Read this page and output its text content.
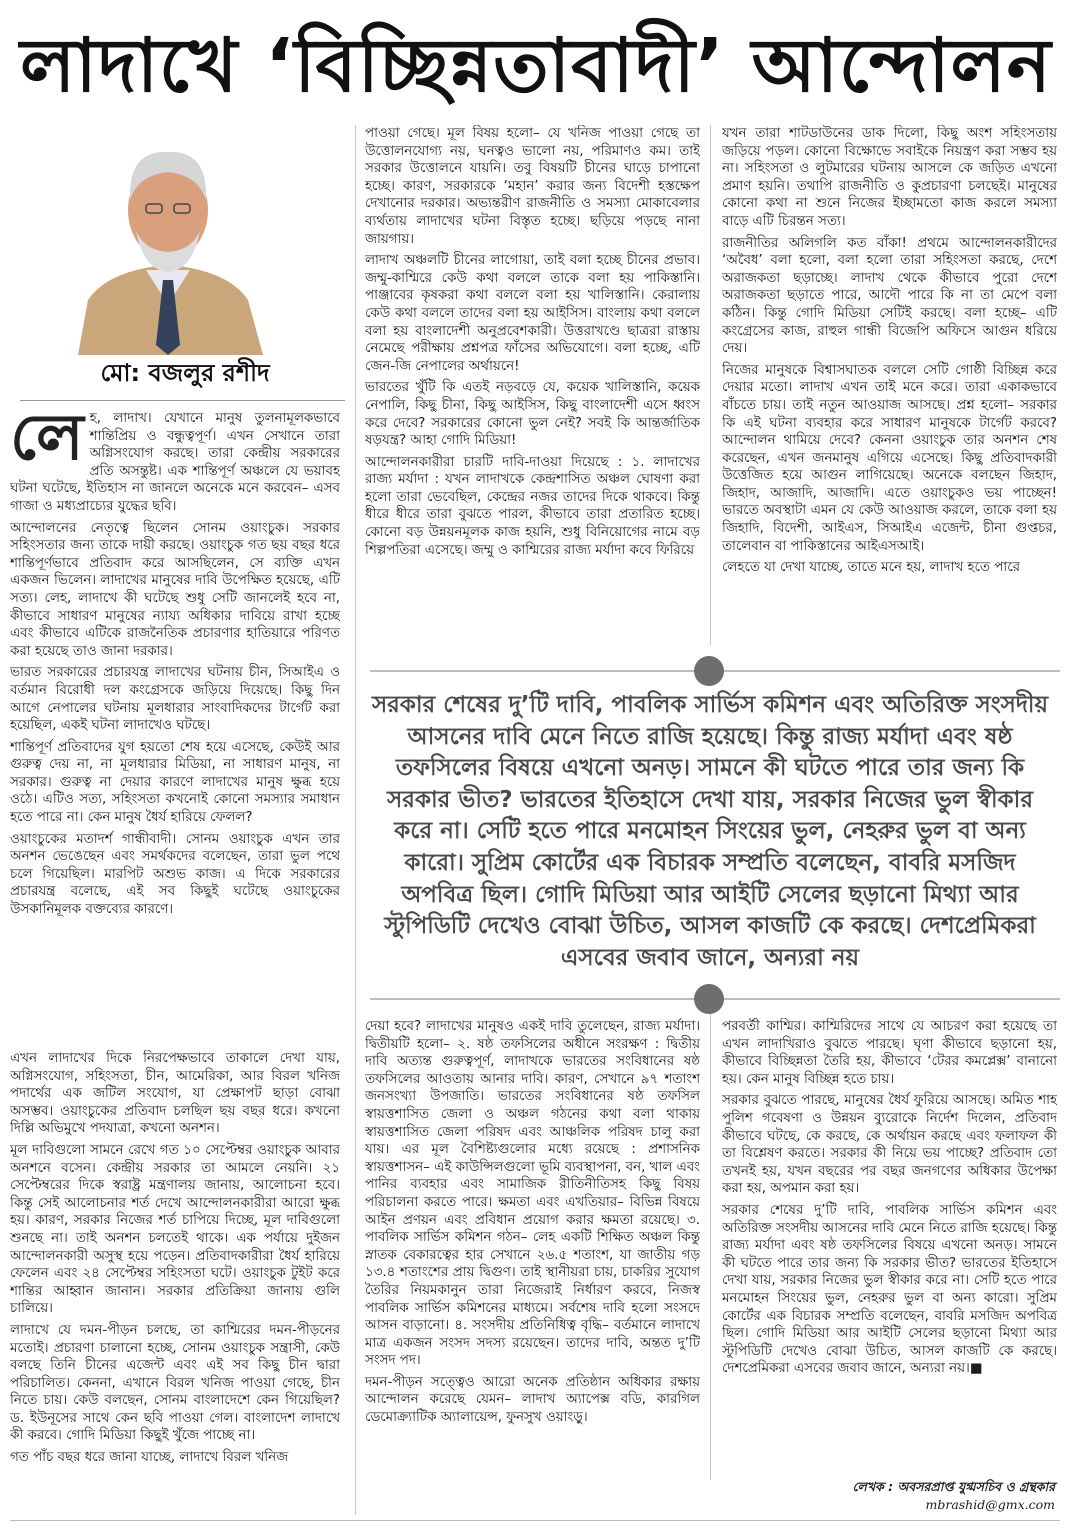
লাদাখে ‘বিচ্ছিন্নতাবাদী’ আন্দোলন
মো: বজলুর রশীদ

লেহ, লাদাখ। যেখানে মানুষ তুলনামূলকভাবে শান্তিপ্রিয় ও বন্ধুত্বপূর্ণ। এখন সেখানে তারা অগ্নিসংযোগ করছে। তারা কেন্দ্রীয় সরকারের প্রতি অসন্তুষ্ট। এক শান্তিপূর্ণ অঞ্চলে যে ভয়াবহ ঘটনা ঘটেছে, ইতিহাস না জানলে অনেকে মনে করবেন– এসব গাজা ও মধ্যপ্রাচ্যের যুদ্ধের ছবি।

আন্দোলনের নেতৃত্বে ছিলেন সোনম ওয়াংচুক। সরকার সহিংসতার জন্য তাকে দায়ী করছে। ওয়াংচুক গত ছয় বছর ধরে শান্তিপূর্ণভাবে প্রতিবাদ করে আসছিলেন, সে ব্যক্তি এখন একজন ভিলেন। লাদাখের মানুষের দাবি উপেক্ষিত হয়েছে, এটি সত্য। লেহ, লাদাখে কী ঘটেছে শুধু সেটি জানলেই হবে না, কীভাবে সাধারণ মানুষের ন্যায্য অধিকার দাবিয়ে রাখা হচ্ছে এবং কীভাবে এটিকে রাজনৈতিক প্রচারণার হাতিয়ারে পরিণত করা হয়েছে তাও জানা দরকার।

ভারত সরকারের প্রচারযন্ত্র লাদাখের ঘটনায় চীন, সিআইএ ও বর্তমান বিরোধী দল কংগ্রেসকে জড়িয়ে দিয়েছে। কিছু দিন আগে নেপালের ঘটনায় মূলধারার সাংবাদিকদের টার্গেট করা হয়েছিল, একই ঘটনা লাদাখেও ঘটছে।

শান্তিপূর্ণ প্রতিবাদের যুগ হয়তো শেষ হয়ে এসেছে, কেউই আর গুরুত্ব দেয় না, না মূলধারার মিডিয়া, না সাধারণ মানুষ, না সরকার। গুরুত্ব না দেয়ার কারণে লাদাখের মানুষ ক্ষুব্ধ হয়ে ওঠে। এটিও সত্য, সহিংসতা কখনোই কোনো সমস্যার সমাধান হতে পারে না। কেন মানুষ ধৈর্য হারিয়ে ফেলল?

ওয়াংচুকের মতাদর্শ গান্ধীবাদী। সোনম ওয়াংচুক এখন তার অনশন ভেঙেছেন এবং সমর্থকদের বলেছেন, তারা ভুল পথে চলে গিয়েছিল। মারপিট অশুভ কাজ। এ দিকে সরকারের প্রচারযন্ত্র বলেছে, এই সব কিছুই ঘটেছে ওয়াংচুকের উসকানিমূলক বক্তব্যের কারণে।

পাওয়া গেছে। মূল বিষয় হলো– যে খনিজ পাওয়া গেছে তা উত্তোলনযোগ্য নয়, ঘনত্বও ভালো নয়, পরিমাণও কম। তাই সরকার উত্তোলনে যায়নি। তবু বিষয়টি চীনের ঘাড়ে চাপানো হচ্ছে। কারণ, সরকারকে ‘মহান’ করার জন্য বিদেশী হস্তক্ষেপ দেখানোর দরকার। অভ্যন্তরীণ রাজনীতি ও সমস্যা মোকাবেলার ব্যর্থতায় লাদাখের ঘটনা বিস্তৃত হচ্ছে। ছড়িয়ে পড়ছে নানা জায়গায়।

লাদাখ অঞ্চলটি চীনের লাগোয়া, তাই বলা হচ্ছে চীনের প্রভাব। জম্মু-কাশ্মিরে কেউ কথা বললে তাকে বলা হয় পাকিস্তানি। পাঞ্জাবের কৃষকরা কথা বললে বলা হয় খালিস্তানি। কেরালায় কেউ কথা বললে তাদের বলা হয় আইসিস। বাংলায় কথা বললে বলা হয় বাংলাদেশী অনুপ্রবেশকারী। উত্তরাখণ্ডে ছাত্ররা রাস্তায় নেমেছে পরীক্ষায় প্রশ্নপত্র ফাঁসের অভিযোগে। বলা হচ্ছে, এটি জেন-জি নেপালের অর্থায়নে!

ভারতের খুঁটি কি এতই নড়বড়ে যে, কয়েক খালিস্তানি, কয়েক নেপালি, কিছু চীনা, কিছু আইসিস, কিছু বাংলাদেশী এসে ধ্বংস করে দেবে? সরকারের কোনো ভুল নেই? সবই কি আন্তর্জাতিক ষড়যন্ত্র? আহা গোদি মিডিয়া!

আন্দোলনকারীরা চারটি দাবি-দাওয়া দিয়েছে : ১. লাদাখের রাজ্য মর্যাদা : যখন লাদাখকে কেন্দ্রশাসিত অঞ্চল ঘোষণা করা হলো তারা ভেবেছিল, কেন্দ্রের নজর তাদের দিকে থাকবে। কিন্তু ধীরে ধীরে তারা বুঝতে পারল, কীভাবে তারা প্রতারিত হচ্ছে। কোনো বড় উন্নয়নমূলক কাজ হয়নি, শুধু বিনিয়োগের নামে বড় শিল্পপতিরা এসেছে। জম্মু ও কাশ্মিরের রাজ্য মর্যাদা কবে ফিরিয়ে

যখন তারা শাটডাউনের ডাক দিলো, কিছু অংশ সহিংসতায় জড়িয়ে পড়ল। কোনো বিক্ষোভে সবাইকে নিয়ন্ত্রণ করা সম্ভব হয় না। সহিংসতা ও লুটমারের ঘটনায় আসলে কে জড়িত এখনো প্রমাণ হয়নি। তথাপি রাজনীতি ও কুপ্রচারণা চলছেই। মানুষের কোনো কথা না শুনে নিজের ইচ্ছামতো কাজ করলে সমস্যা বাড়ে এটি চিরন্তন সত্য।

রাজনীতির অলিগলি কত বাঁকা! প্রথমে আন্দোলনকারীদের ‘অবৈধ’ বলা হলো, বলা হলো তারা সহিংসতা করছে, দেশে অরাজকতা ছড়াচ্ছে। লাদাখ থেকে কীভাবে পুরো দেশে অরাজকতা ছড়াতে পারে, আদৌ পারে কি না তা মেপে বলা কঠিন। কিন্তু গোদি মিডিয়া সেটিই করছে। বলা হচ্ছে– এটি কংগ্রেসের কাজ, রাহুল গান্ধী বিজেপি অফিসে আগুন ধরিয়ে দেয়।

নিজের মানুষকে বিশ্বাসঘাতক বললে সেটি গোষ্ঠী বিচ্ছিন্ন করে দেয়ার মতো। লাদাখ এখন তাই মনে করে। তারা একাকভাবে বাঁচতে চায়। তাই নতুন আওয়াজ আসছে। প্রশ্ন হলো– সরকার কি এই ঘটনা ব্যবহার করে সাধারণ মানুষকে টার্গেট করবে? আন্দোলন থামিয়ে দেবে? কেননা ওয়াংচুক তার অনশন শেষ করেছেন, এখন জনমানুষ এগিয়ে এসেছে। কিছু প্রতিবাদকারী উত্তেজিত হয়ে আগুন লাগিয়েছে। অনেকে বলছেন জিহাদ, জিহাদ, আজাদি, আজাদি। এতে ওয়াংচুকও ভয় পাচ্ছেন! ভারতে অবস্থাটা এমন যে কেউ আওয়াজ করলে, তাকে বলা হয় জিহাদি, বিদেশী, আইএস, সিআইএ এজেন্ট, চীনা গুপ্তচর, তালেবান বা পাকিস্তানের আইএসআই।

লেহতে যা দেখা যাচ্ছে, তাতে মনে হয়, লাদাখ হতে পারে

সরকার শেষের দু’টি দাবি, পাবলিক সার্ভিস কমিশন এবং অতিরিক্ত সংসদীয় আসনের দাবি মেনে নিতে রাজি হয়েছে। কিন্তু রাজ্য মর্যাদা এবং ষষ্ঠ তফসিলের বিষয়ে এখনো অনড়। সামনে কী ঘটতে পারে তার জন্য কি সরকার ভীত? ভারতের ইতিহাসে দেখা যায়, সরকার নিজের ভুল স্বীকার করে না। সেটি হতে পারে মনমোহন সিংয়ের ভুল, নেহরুর ভুল বা অন্য কারো। সুপ্রিম কোর্টের এক বিচারক সম্প্রতি বলেছেন, বাবরি মসজিদ অপবিত্র ছিল। গোদি মিডিয়া আর আইটি সেলের ছড়ানো মিথ্যা আর স্টুপিডিটি দেখেও বোঝা উচিত, আসল কাজটি কে করছে। দেশপ্রেমিকরা এসবের জবাব জানে, অন্যরা নয়

এখন লাদাখের দিকে নিরপেক্ষভাবে তাকালে দেখা যায়, অগ্নিসংযোগ, সহিংসতা, চীন, আমেরিকা, আর বিরল খনিজ পদার্থের এক জটিল সংযোগ, যা প্রেক্ষাপট ছাড়া বোঝা অসম্ভব। ওয়াংচুকের প্রতিবাদ চলছিল ছয় বছর ধরে। কখনো দিল্লি অভিমুখে পদযাত্রা, কখনো অনশন।

মূল দাবিগুলো সামনে রেখে গত ১০ সেপ্টেম্বর ওয়াংচুক আবার অনশনে বসেন। কেন্দ্রীয় সরকার তা আমলে নেয়নি। ২১ সেপ্টেম্বরের দিকে স্বরাষ্ট্র মন্ত্রণালয় জানায়, আলোচনা হবে। কিন্তু সেই আলোচনার শর্ত দেখে আন্দোলনকারীরা আরো ক্ষুব্ধ হয়। কারণ, সরকার নিজের শর্ত চাপিয়ে দিচ্ছে, মূল দাবিগুলো শুনছে না। তাই অনশন চলতেই থাকে। এক পর্যায়ে দুইজন আন্দোলনকারী অসুস্থ হয়ে পড়েন। প্রতিবাদকারীরা ধৈর্য হারিয়ে ফেলেন এবং ২৪ সেপ্টেম্বর সহিংসতা ঘটে। ওয়াংচুক টুইট করে শান্তির আহ্বান জানান। সরকার প্রতিক্রিয়া জানায় গুলি চালিয়ে।

লাদাখে যে দমন-পীড়ন চলছে, তা কাশ্মিরের দমন-পীড়নের মতোই। প্রচারণা চালানো হচ্ছে, সোনম ওয়াংচুক সন্ত্রাসী, কেউ বলছে তিনি চীনের এজেন্ট এবং এই সব কিছু চীন দ্বারা পরিচালিত। কেননা, এখানে বিরল খনিজ পাওয়া গেছে, চীন নিতে চায়। কেউ বলছেন, সোনম বাংলাদেশে কেন গিয়েছিল? ড. ইউনূসের সাথে কেন ছবি পাওয়া গেল। বাংলাদেশ লাদাখে কী করবে। গোদি মিডিয়া কিছুই খুঁজে পাচ্ছে না।

গত পাঁচ বছর ধরে জানা যাচ্ছে, লাদাখে বিরল খনিজ

দেয়া হবে? লাদাখের মানুষও একই দাবি তুলেছেন, রাজ্য মর্যাদা। দ্বিতীয়টি হলো– ২. ষষ্ঠ তফসিলের অধীনে সংরক্ষণ : দ্বিতীয় দাবি অত্যন্ত গুরুত্বপূর্ণ, লাদাখকে ভারতের সংবিধানের ষষ্ঠ তফসিলের আওতায় আনার দাবি। কারণ, সেখানে ৯৭ শতাংশ জনসংখ্যা উপজাতি। ভারতের সংবিধানের ষষ্ঠ তফসিল স্বায়ত্তশাসিত জেলা ও অঞ্চল গঠনের কথা বলা থাকায় স্বায়ত্তশাসিত জেলা পরিষদ এবং আঞ্চলিক পরিষদ চালু করা যায়। এর মূল বৈশিষ্ট্যগুলোর মধ্যে রয়েছে : প্রশাসনিক স্বায়ত্তশাসন– এই কাউন্সিলগুলো ভূমি ব্যবস্থাপনা, বন, খাল এবং পানির ব্যবহার এবং সামাজিক রীতিনীতিসহ কিছু বিষয় পরিচালনা করতে পারে। ক্ষমতা এবং এখতিয়ার– বিভিন্ন বিষয়ে আইন প্রণয়ন এবং প্রবিধান প্রয়োগ করার ক্ষমতা রয়েছে। ৩. পাবলিক সার্ভিস কমিশন গঠন– লেহ একটি শিক্ষিত অঞ্চল কিন্তু স্নাতক বেকারত্বের হার সেখানে ২৬.৫ শতাংশ, যা জাতীয় গড় ১৩.৪ শতাংশের প্রায় দ্বিগুণ। তাই স্থানীয়রা চায়, চাকরির সুযোগ তৈরির নিয়মকানুন তারা নিজেরাই নির্ধারণ করবে, নিজস্ব পাবলিক সার্ভিস কমিশনের মাধ্যমে। সর্বশেষ দাবি হলো সংসদে আসন বাড়ানো। ৪. সংসদীয় প্রতিনিধিত্ব বৃদ্ধি– বর্তমানে লাদাখে মাত্র একজন সংসদ সদস্য রয়েছেন। তাদের দাবি, অন্তত দু’টি সংসদ পদ।

দমন-পীড়ন সত্ত্বেও আরো অনেক প্রতিষ্ঠান অধিকার রক্ষায় আন্দোলন করেছে যেমন– লাদাখ অ্যাপেক্স বডি, কারগিল ডেমোক্র্যাটিক অ্যালায়েন্স, ফুনসুখ ওয়াংড়ু।

পরবর্তী কাশ্মির। কাশ্মিরিদের সাথে যে আচরণ করা হয়েছে তা এখন লাদাখিরাও বুঝতে পারছে। ঘৃণা কীভাবে ছড়ানো হয়, কীভাবে বিচ্ছিন্নতা তৈরি হয়, কীভাবে ‘টেরর কমপ্লেক্স’ বানানো হয়। কেন মানুষ বিচ্ছিন্ন হতে চায়।

সরকার বুঝতে পারছে, মানুষের ধৈর্য ফুরিয়ে আসছে। অমিত শাহ পুলিশ গবেষণা ও উন্নয়ন ব্যুরোকে নির্দেশ দিলেন, প্রতিবাদ কীভাবে ঘটছে, কে করছে, কে অর্থায়ন করছে এবং ফলাফল কী তা বিশ্লেষণ করতে। সরকার কী নিয়ে ভয় পাচ্ছে? প্রতিবাদ তো তখনই হয়, যখন বছরের পর বছর জনগণের অধিকার উপেক্ষা করা হয়, অপমান করা হয়।

সরকার শেষের দু’টি দাবি, পাবলিক সার্ভিস কমিশন এবং অতিরিক্ত সংসদীয় আসনের দাবি মেনে নিতে রাজি হয়েছে। কিন্তু রাজ্য মর্যাদা এবং ষষ্ঠ তফসিলের বিষয়ে এখনো অনড়। সামনে কী ঘটতে পারে তার জন্য কি সরকার ভীত? ভারতের ইতিহাসে দেখা যায়, সরকার নিজের ভুল স্বীকার করে না। সেটি হতে পারে মনমোহন সিংয়ের ভুল, নেহরুর ভুল বা অন্য কারো। সুপ্রিম কোর্টের এক বিচারক সম্প্রতি বলেছেন, বাবরি মসজিদ অপবিত্র ছিল। গোদি মিডিয়া আর আইটি সেলের ছড়ানো মিথ্যা আর স্টুপিডিটি দেখেও বোঝা উচিত, আসল কাজটি কে করছে। দেশপ্রেমিকরা এসবের জবাব জানে, অন্যরা নয়।■

লেখক : অবসরপ্রাপ্ত যুগ্মসচিব ও গ্রন্থকার
mbrashid@gmx.com
